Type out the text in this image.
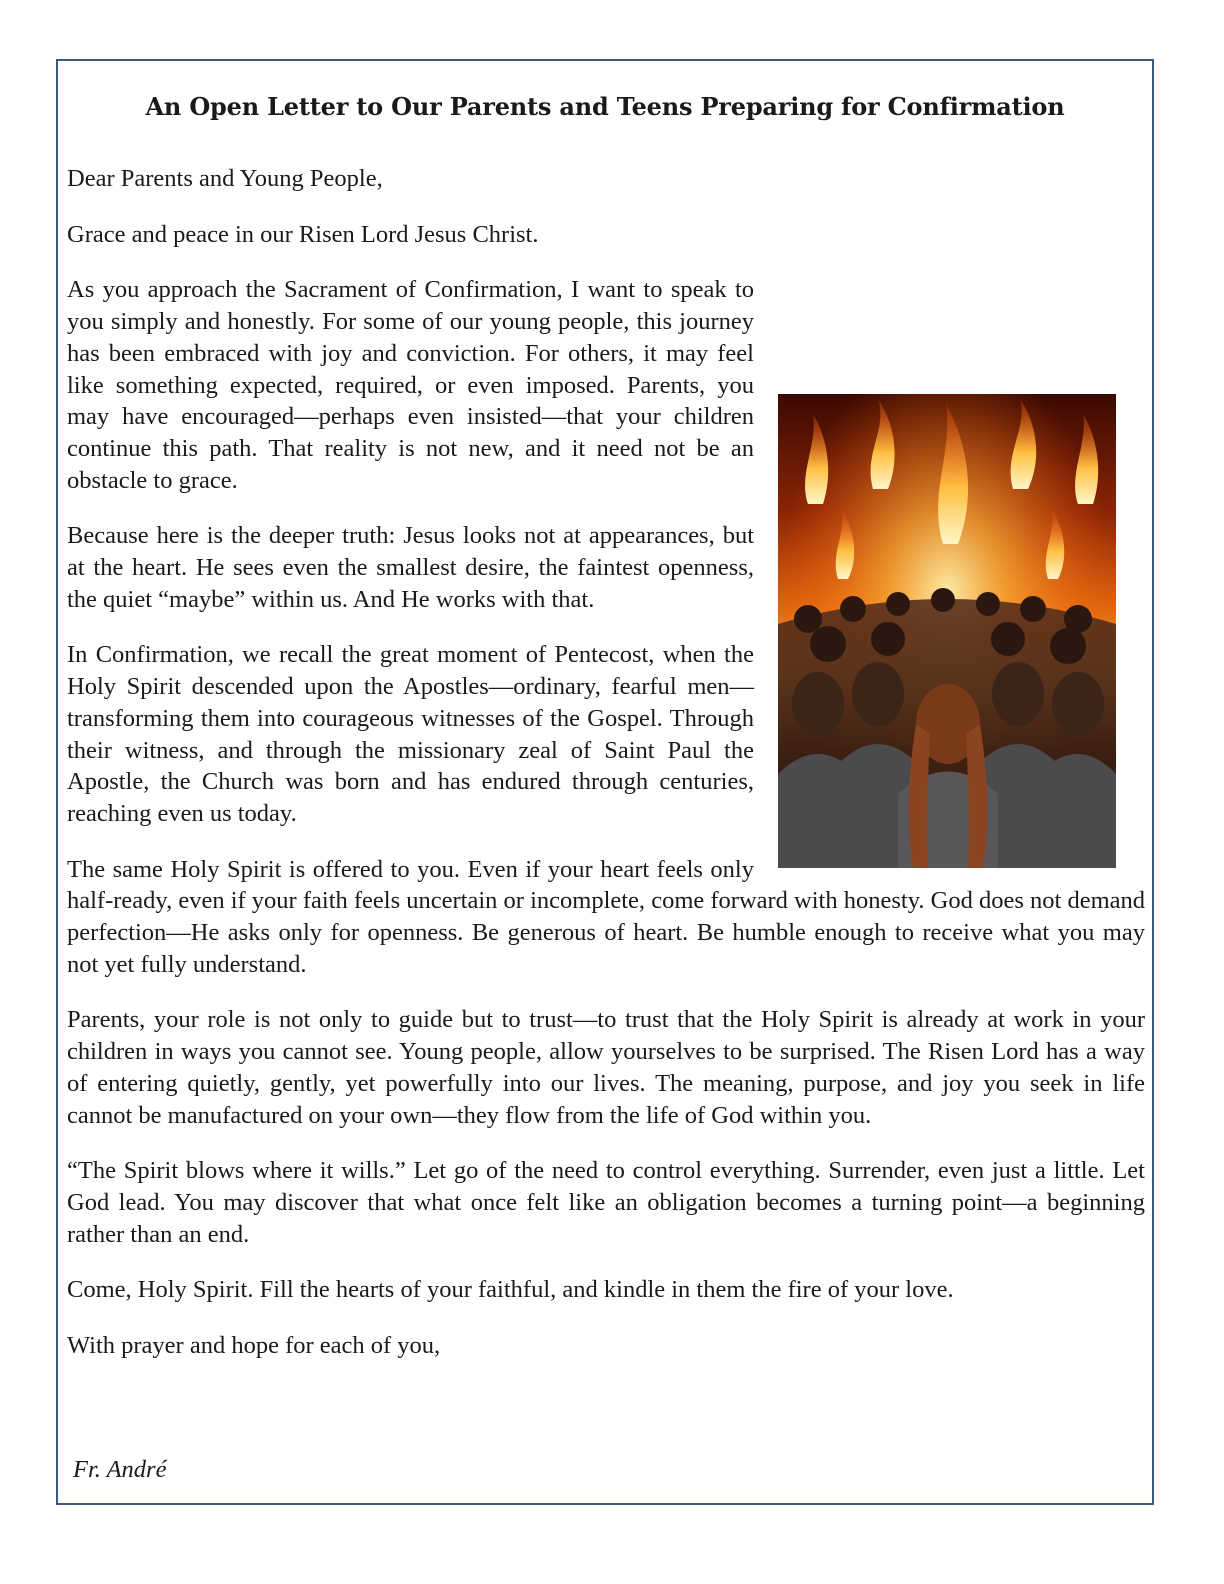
An Open Letter to Our Parents and Teens Preparing for Confirmation

Dear Parents and Young People,

Grace and peace in our Risen Lord Jesus Christ.

As you approach the Sacrament of Confirmation, I want to speak to you simply and honestly. For some of our young people, this journey has been embraced with joy and conviction. For others, it may feel like something expected, required, or even imposed. Parents, you may have encouraged—perhaps even insisted—that your children continue this path. That reality is not new, and it need not be an obstacle to grace.

Because here is the deeper truth: Jesus looks not at appearances, but at the heart. He sees even the smallest desire, the faintest openness, the quiet “maybe” within us. And He works with that.

In Confirmation, we recall the great moment of Pentecost, when the Holy Spirit descended upon the Apostles—ordinary, fearful men—transforming them into courageous witnesses of the Gospel. Through their witness, and through the missionary zeal of Saint Paul the Apostle, the Church was born and has endured through centuries, reaching even us today.

The same Holy Spirit is offered to you. Even if your heart feels only half-ready, even if your faith feels uncertain or incomplete, come forward with honesty. God does not demand perfection—He asks only for openness. Be generous of heart. Be humble enough to receive what you may not yet fully understand.

Parents, your role is not only to guide but to trust—to trust that the Holy Spirit is already at work in your children in ways you cannot see. Young people, allow yourselves to be surprised. The Risen Lord has a way of entering quietly, gently, yet powerfully into our lives. The meaning, purpose, and joy you seek in life cannot be manufactured on your own—they flow from the life of God within you.

“The Spirit blows where it wills.” Let go of the need to control everything. Surrender, even just a little. Let God lead. You may discover that what once felt like an obligation becomes a turning point—a beginning rather than an end.

Come, Holy Spirit. Fill the hearts of your faithful, and kindle in them the fire of your love.

With prayer and hope for each of you,

Fr. André
